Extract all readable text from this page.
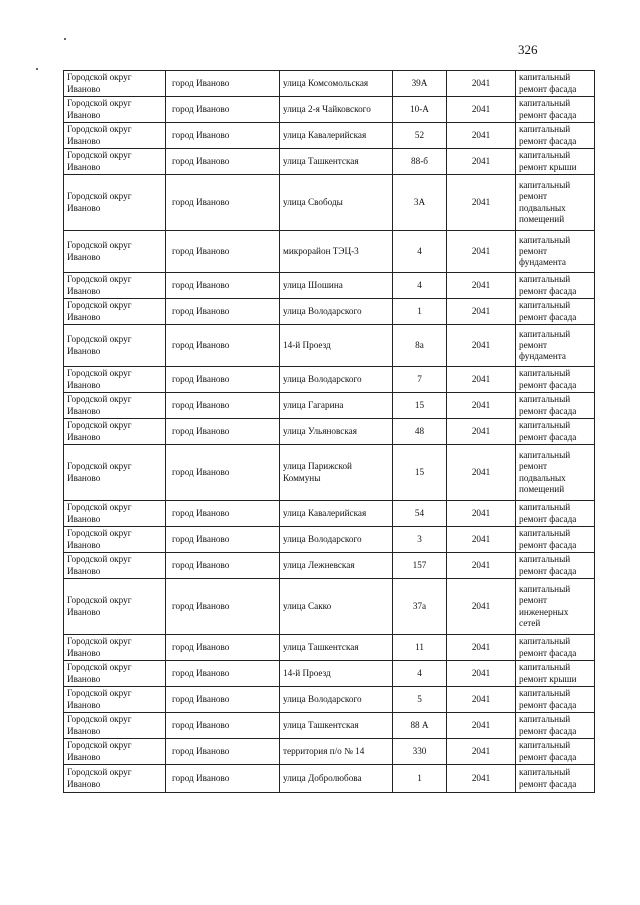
326
Городской округ Иваново	город Иваново	улица Комсомольская	39А	2041	капитальный ремонт фасада
Городской округ Иваново	город Иваново	улица 2-я Чайковского	10-А	2041	капитальный ремонт фасада
Городской округ Иваново	город Иваново	улица Кавалерийская	52	2041	капитальный ремонт фасада
Городской округ Иваново	город Иваново	улица Ташкентская	88-б	2041	капитальный ремонт крыши
Городской округ Иваново	город Иваново	улица Свободы	3А	2041	капитальный ремонт подвальных помещений
Городской округ Иваново	город Иваново	микрорайон ТЭЦ-3	4	2041	капитальный ремонт фундамента
Городской округ Иваново	город Иваново	улица Шошина	4	2041	капитальный ремонт фасада
Городской округ Иваново	город Иваново	улица Володарского	1	2041	капитальный ремонт фасада
Городской округ Иваново	город Иваново	14-й Проезд	8а	2041	капитальный ремонт фундамента
Городской округ Иваново	город Иваново	улица Володарского	7	2041	капитальный ремонт фасада
Городской округ Иваново	город Иваново	улица Гагарина	15	2041	капитальный ремонт фасада
Городской округ Иваново	город Иваново	улица Ульяновская	48	2041	капитальный ремонт фасада
Городской округ Иваново	город Иваново	улица Парижской Коммуны	15	2041	капитальный ремонт подвальных помещений
Городской округ Иваново	город Иваново	улица Кавалерийская	54	2041	капитальный ремонт фасада
Городской округ Иваново	город Иваново	улица Володарского	3	2041	капитальный ремонт фасада
Городской округ Иваново	город Иваново	улица Лежневская	157	2041	капитальный ремонт фасада
Городской округ Иваново	город Иваново	улица Сакко	37а	2041	капитальный ремонт инженерных сетей
Городской округ Иваново	город Иваново	улица Ташкентская	11	2041	капитальный ремонт фасада
Городской округ Иваново	город Иваново	14-й Проезд	4	2041	капитальный ремонт крыши
Городской округ Иваново	город Иваново	улица Володарского	5	2041	капитальный ремонт фасада
Городской округ Иваново	город Иваново	улица Ташкентская	88 А	2041	капитальный ремонт фасада
Городской округ Иваново	город Иваново	территория п/о № 14	330	2041	капитальный ремонт фасада
Городской округ Иваново	город Иваново	улица Добролюбова	1	2041	капитальный ремонт фасада
